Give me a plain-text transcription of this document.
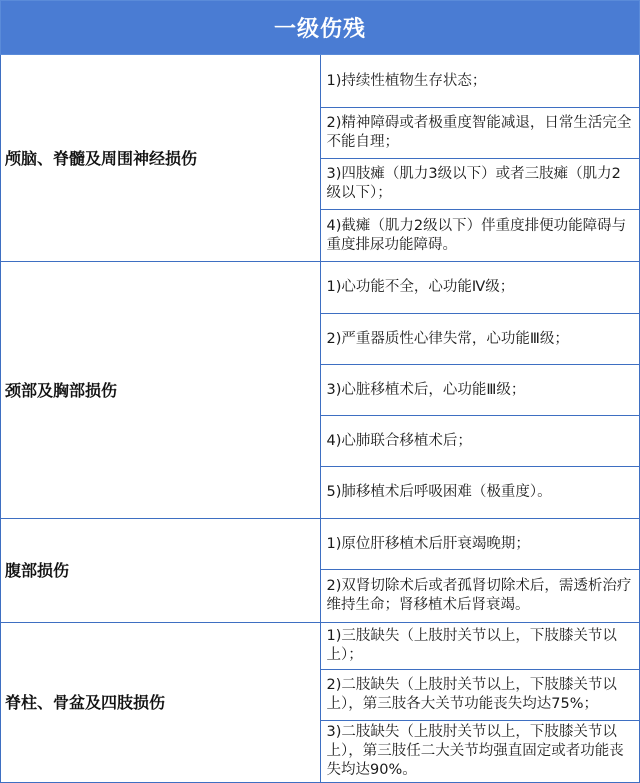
一级伤残	
颅脑、脊髓及周围神经损伤	1)持续性植物生存状态；
	2)精神障碍或者极重度智能减退，日常生活完全不能自理；
	3)四肢瘫（肌力3级以下）或者三肢瘫（肌力2级以下）；
	4)截瘫（肌力2级以下）伴重度排便功能障碍与重度排尿功能障碍。
颈部及胸部损伤	1)心功能不全，心功能Ⅳ级；
	2)严重器质性心律失常，心功能Ⅲ级；
	3)心脏移植术后，心功能Ⅲ级；
	4)心肺联合移植术后；
	5)肺移植术后呼吸困难（极重度）。
腹部损伤	1)原位肝移植术后肝衰竭晚期；
	2)双肾切除术后或者孤肾切除术后，需透析治疗维持生命；肾移植术后肾衰竭。
脊柱、骨盆及四肢损伤	1)三肢缺失（上肢肘关节以上，下肢膝关节以上）；
	2)二肢缺失（上肢肘关节以上，下肢膝关节以上），第三肢各大关节功能丧失均达75%；
	3)二肢缺失（上肢肘关节以上，下肢膝关节以上），第三肢任二大关节均强直固定或者功能丧失均达90%。
